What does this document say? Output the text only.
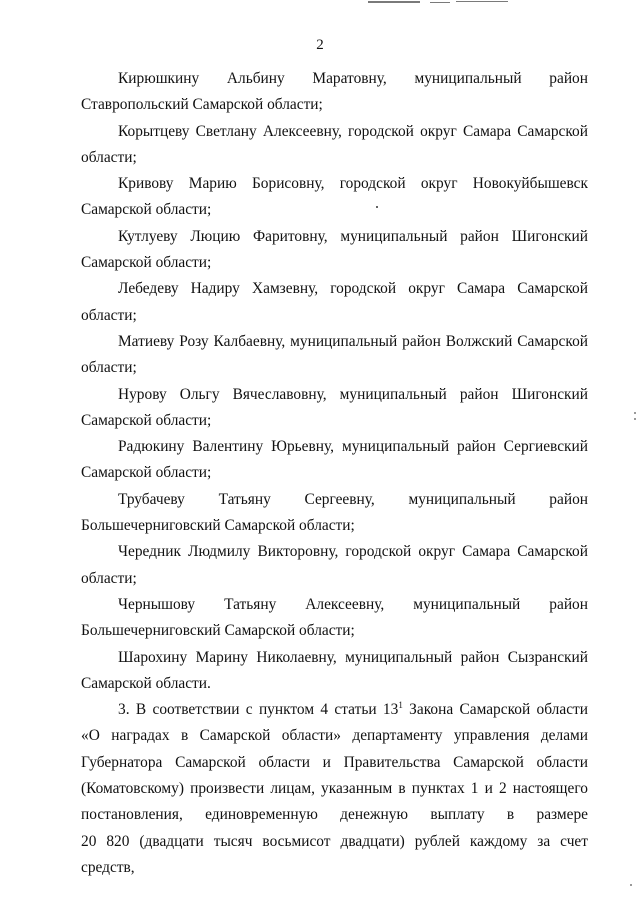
2

Кирюшкину Альбину Маратовну, муниципальный район
Ставропольский Самарской области;

Корытцеву Светлану Алексеевну, городской округ Самара Самарской
области;

Кривову Марию Борисовну, городской округ Новокуйбышевск
Самарской области;

Кутлуеву Люцию Фаритовну, муниципальный район Шигонский
Самарской области;

Лебедеву Надиру Хамзевну, городской округ Самара Самарской
области;

Матиеву Розу Калбаевну, муниципальный район Волжский Самарской
области;

Нурову Ольгу Вячеславовну, муниципальный район Шигонский
Самарской области;

Радюкину Валентину Юрьевну, муниципальный район Сергиевский
Самарской области;

Трубачеву Татьяну Сергеевну, муниципальный район
Большечерниговский Самарской области;

Чередник Людмилу Викторовну, городской округ Самара Самарской
области;

Чернышову Татьяну Алексеевну, муниципальный район
Большечерниговский Самарской области;

Шарохину Марину Николаевну, муниципальный район Сызранский
Самарской области.

3. В соответствии с пунктом 4 статьи $13^1$ Закона Самарской области
«О наградах в Самарской области» департаменту управления делами
Губернатора Самарской области и Правительства Самарской области
(Коматовскому) произвести лицам, указанным в пунктах 1 и 2 настоящего
постановления, единовременную денежную выплату в размере
20 820 (двадцати тысяч восьмисот двадцати) рублей каждому за счет средств,
